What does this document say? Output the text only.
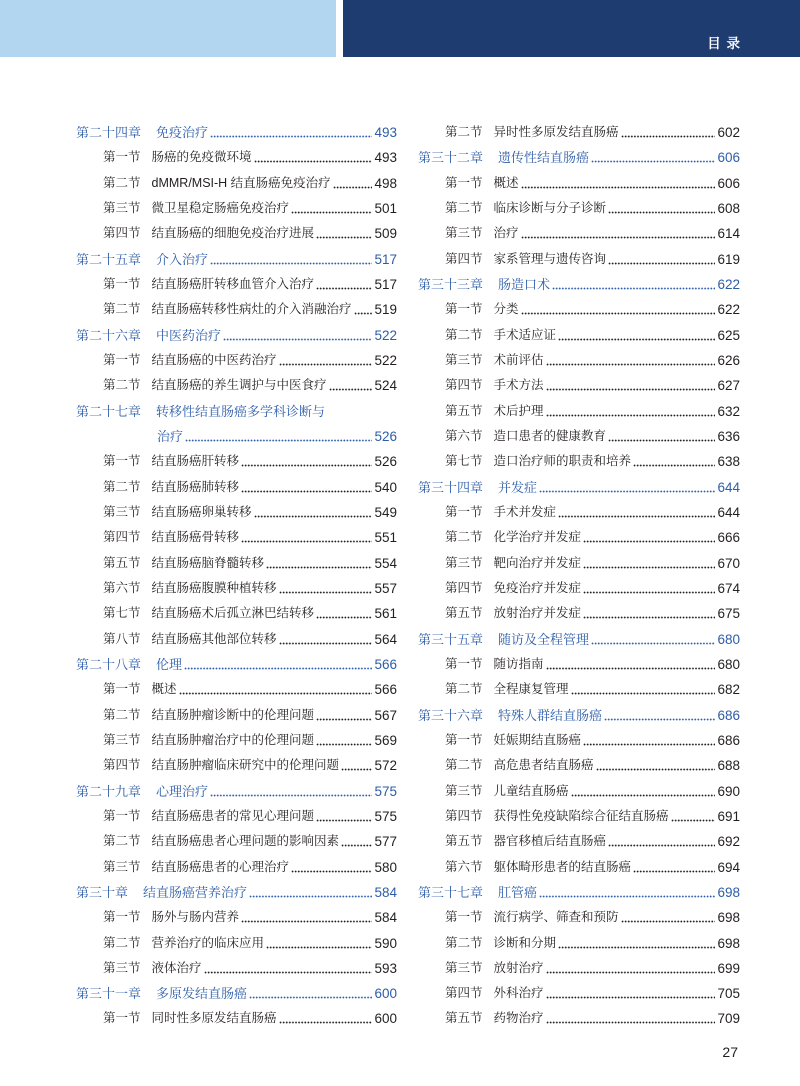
目 录
第二十四章 免疫治疗	493
第一节 肠癌的免疫微环境	493
第二节 dMMR/MSI-H 结直肠癌免疫治疗	498
第三节 微卫星稳定肠癌免疫治疗	501
第四节 结直肠癌的细胞免疫治疗进展	509
第二十五章 介入治疗	517
第一节 结直肠癌肝转移血管介入治疗	517
第二节 结直肠癌转移性病灶的介入消融治疗 519
第二十六章 中医药治疗	522
第一节 结直肠癌的中医药治疗	522
第二节 结直肠癌的养生调护与中医食疗	524
第二十七章 转移性结直肠癌多学科诊断与
治疗	526
第一节 结直肠癌肝转移	526
第二节 结直肠癌肺转移	540
第三节 结直肠癌卵巢转移	549
第四节 结直肠癌骨转移	551
第五节 结直肠癌脑脊髓转移	554
第六节 结直肠癌腹膜种植转移	557
第七节 结直肠癌术后孤立淋巴结转移	561
第八节 结直肠癌其他部位转移	564
第二十八章 伦理	566
第一节 概述	566
第二节 结直肠肿瘤诊断中的伦理问题	567
第三节 结直肠肿瘤治疗中的伦理问题	569
第四节 结直肠肿瘤临床研究中的伦理问题	572
第二十九章 心理治疗	575
第一节 结直肠癌患者的常见心理问题	575
第二节 结直肠癌患者心理问题的影响因素	577
第三节 结直肠癌患者的心理治疗	580
第三十章 结直肠癌营养治疗	584
第一节 肠外与肠内营养	584
第二节 营养治疗的临床应用	590
第三节 液体治疗	593
第三十一章 多原发结直肠癌	600
第一节 同时性多原发结直肠癌	600
第二节 异时性多原发结直肠癌	602
第三十二章 遗传性结直肠癌	606
第一节 概述	606
第二节 临床诊断与分子诊断	608
第三节 治疗	614
第四节 家系管理与遗传咨询	619
第三十三章 肠造口术	622
第一节 分类	622
第二节 手术适应证	625
第三节 术前评估	626
第四节 手术方法	627
第五节 术后护理	632
第六节 造口患者的健康教育	636
第七节 造口治疗师的职责和培养	638
第三十四章 并发症	644
第一节 手术并发症	644
第二节 化学治疗并发症	666
第三节 靶向治疗并发症	670
第四节 免疫治疗并发症	674
第五节 放射治疗并发症	675
第三十五章 随访及全程管理	680
第一节 随访指南	680
第二节 全程康复管理	682
第三十六章 特殊人群结直肠癌	686
第一节 妊娠期结直肠癌	686
第二节 高危患者结直肠癌	688
第三节 儿童结直肠癌	690
第四节 获得性免疫缺陷综合征结直肠癌	691
第五节 器官移植后结直肠癌	692
第六节 躯体畸形患者的结直肠癌	694
第三十七章 肛管癌	698
第一节 流行病学、筛查和预防	698
第二节 诊断和分期	698
第三节 放射治疗	699
第四节 外科治疗	705
第五节 药物治疗	709
27
